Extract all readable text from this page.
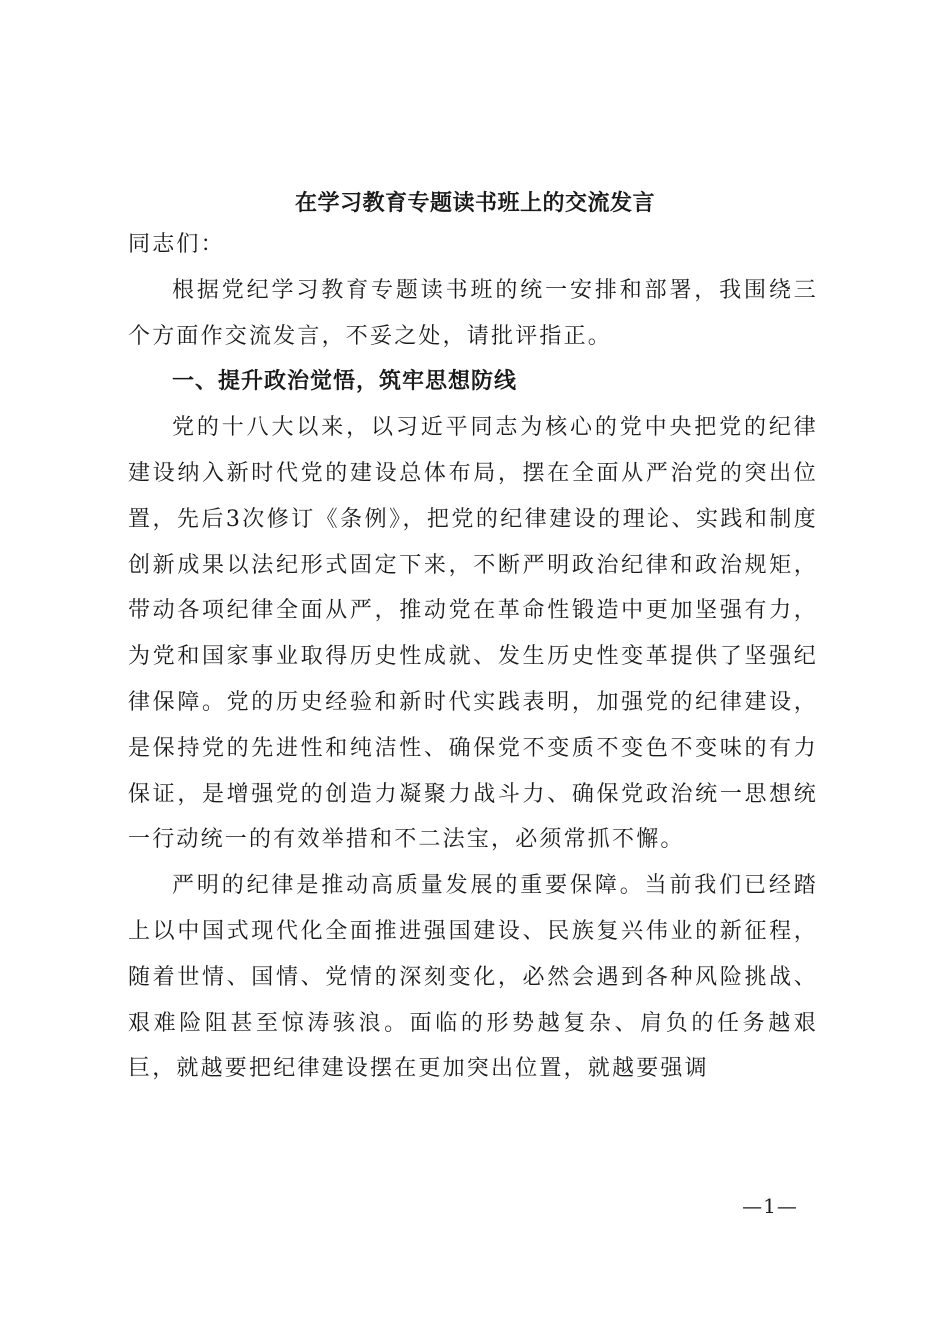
在学习教育专题读书班上的交流发言

同志们：

根据党纪学习教育专题读书班的统一安排和部署，我围绕三个方面作交流发言，不妥之处，请批评指正。

一、提升政治觉悟，筑牢思想防线

党的十八大以来，以习近平同志为核心的党中央把党的纪律建设纳入新时代党的建设总体布局，摆在全面从严治党的突出位置，先后3次修订《条例》，把党的纪律建设的理论、实践和制度创新成果以法纪形式固定下来，不断严明政治纪律和政治规矩，带动各项纪律全面从严，推动党在革命性锻造中更加坚强有力，为党和国家事业取得历史性成就、发生历史性变革提供了坚强纪律保障。党的历史经验和新时代实践表明，加强党的纪律建设，是保持党的先进性和纯洁性、确保党不变质不变色不变味的有力保证，是增强党的创造力凝聚力战斗力、确保党政治统一思想统一行动统一的有效举措和不二法宝，必须常抓不懈。

严明的纪律是推动高质量发展的重要保障。当前我们已经踏上以中国式现代化全面推进强国建设、民族复兴伟业的新征程，随着世情、国情、党情的深刻变化，必然会遇到各种风险挑战、艰难险阻甚至惊涛骇浪。面临的形势越复杂、肩负的任务越艰巨，就越要把纪律建设摆在更加突出位置，就越要强调

—1—
